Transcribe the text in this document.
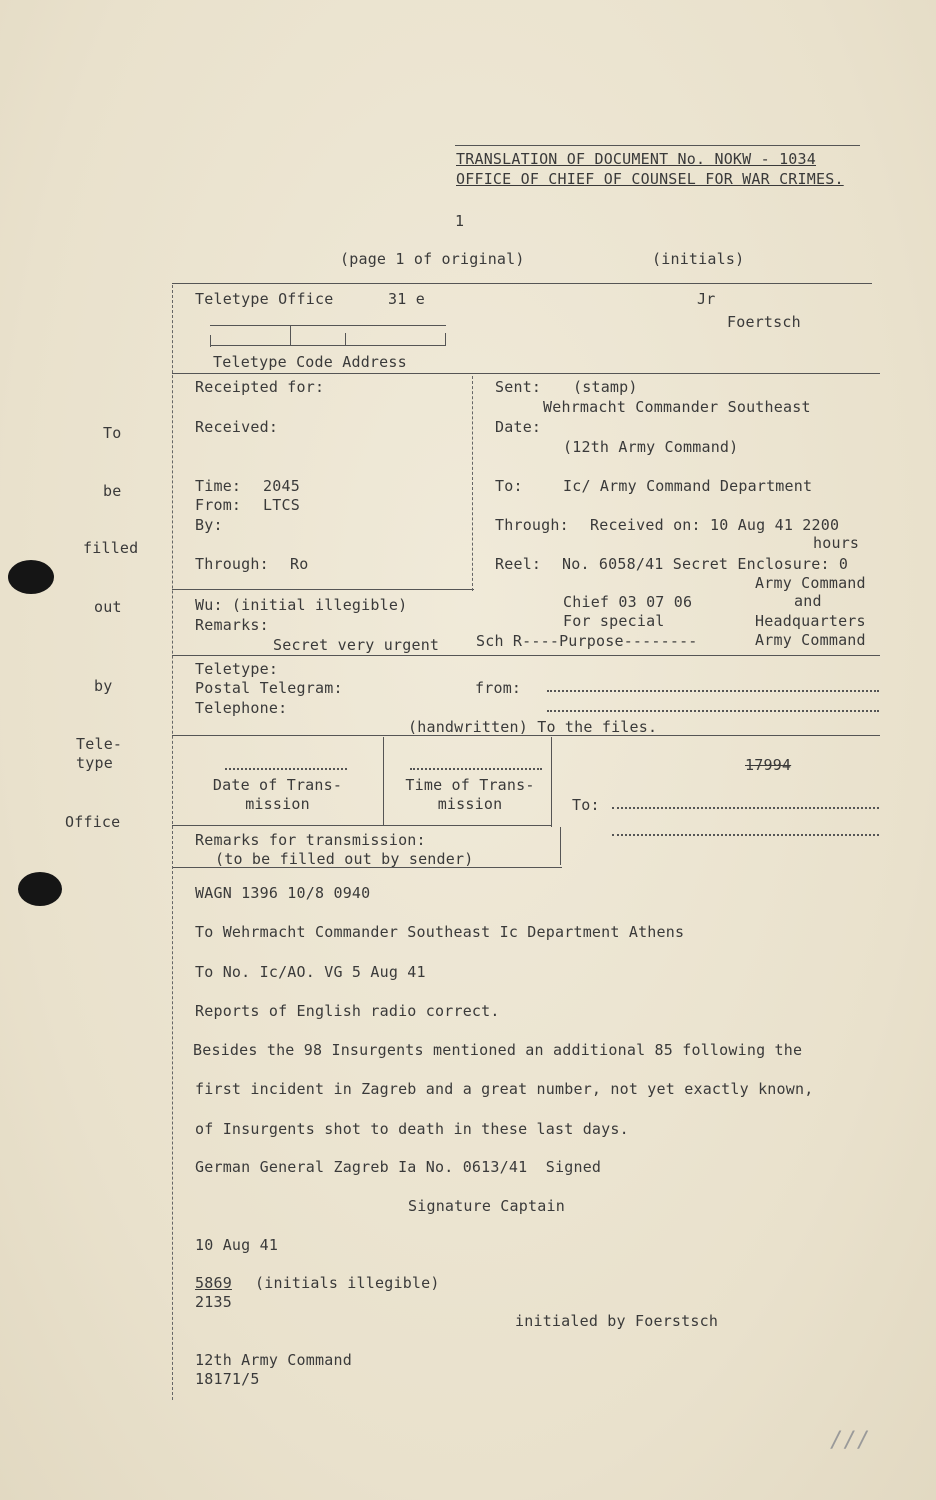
TRANSLATION OF DOCUMENT No. NOKW - 1034
OFFICE OF CHIEF OF COUNSEL FOR WAR CRIMES.
1
(page 1 of original)	(initials)
Teletype Office	31 e	Jr
Foertsch
Teletype Code Address
To
be
filled
out
by
Tele-
type
Office
Receipted for:
Received:
Time: 2045
From: LTCS
By:
Through: Ro
Wu: (initial illegible)
Remarks:
Secret very urgent
Sent: (stamp)
Wehrmacht Commander Southeast
Date:
(12th Army Command)
To:	Ic/ Army Command Department
Through: Received on: 10 Aug 41 2200
hours
Reel: No. 6058/41 Secret Enclosure: 0
Army Command
and
Chief 03 07 06
For special	Headquarters
Sch R----Purpose--------	Army Command
Teletype:
Postal Telegram:
Telephone:
from:
(handwritten) To the files.
Date of Trans-
mission
Time of Trans-
mission
17994
To:
Remarks for transmission:
(to be filled out by sender)
WAGN 1396 10/8 0940
To Wehrmacht Commander Southeast Ic Department Athens
To No. Ic/AO. VG 5 Aug 41
Reports of English radio correct.
Besides the 98 Insurgents mentioned an additional 85 following the
first incident in Zagreb and a great number, not yet exactly known,
of Insurgents shot to death in these last days.
German General Zagreb Ia No. 0613/41  Signed
Signature Captain
10 Aug 41
5869 (initials illegible)
2135
initialed by Foerstsch
12th Army Command
18171/5
///
